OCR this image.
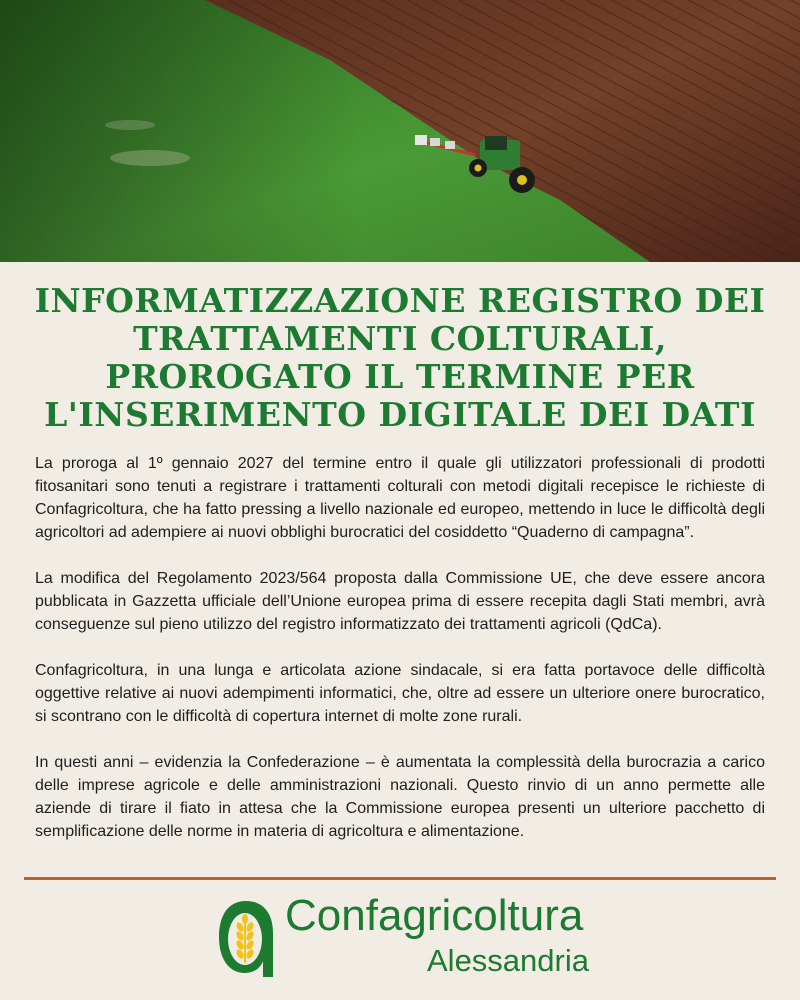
INFORMATIZZAZIONE REGISTRO DEI
TRATTAMENTI COLTURALI,
PROROGATO IL TERMINE PER
L'INSERIMENTO DIGITALE DEI DATI

La proroga al 1º gennaio 2027 del termine entro il quale gli utilizzatori professionali di prodotti fitosanitari sono tenuti a registrare i trattamenti colturali con metodi digitali recepisce le richieste di Confagricoltura, che ha fatto pressing a livello nazionale ed europeo, mettendo in luce le difficoltà degli agricoltori ad adempiere ai nuovi obblighi burocratici del cosiddetto “Quaderno di campagna”.

La modifica del Regolamento 2023/564 proposta dalla Commissione UE, che deve essere ancora pubblicata in Gazzetta ufficiale dell’Unione europea prima di essere recepita dagli Stati membri, avrà conseguenze sul pieno utilizzo del registro informatizzato dei trattamenti agricoli (QdCa).

Confagricoltura, in una lunga e articolata azione sindacale, si era fatta portavoce delle difficoltà oggettive relative ai nuovi adempimenti informatici, che, oltre ad essere un ulteriore onere burocratico, si scontrano con le difficoltà di copertura internet di molte zone rurali.

In questi anni – evidenzia la Confederazione – è aumentata la complessità della burocrazia a carico delle imprese agricole e delle amministrazioni nazionali. Questo rinvio di un anno permette alle aziende di tirare il fiato in attesa che la Commissione europea presenti un ulteriore pacchetto di semplificazione delle norme in materia di agricoltura e alimentazione.

Confagricoltura
Alessandria
